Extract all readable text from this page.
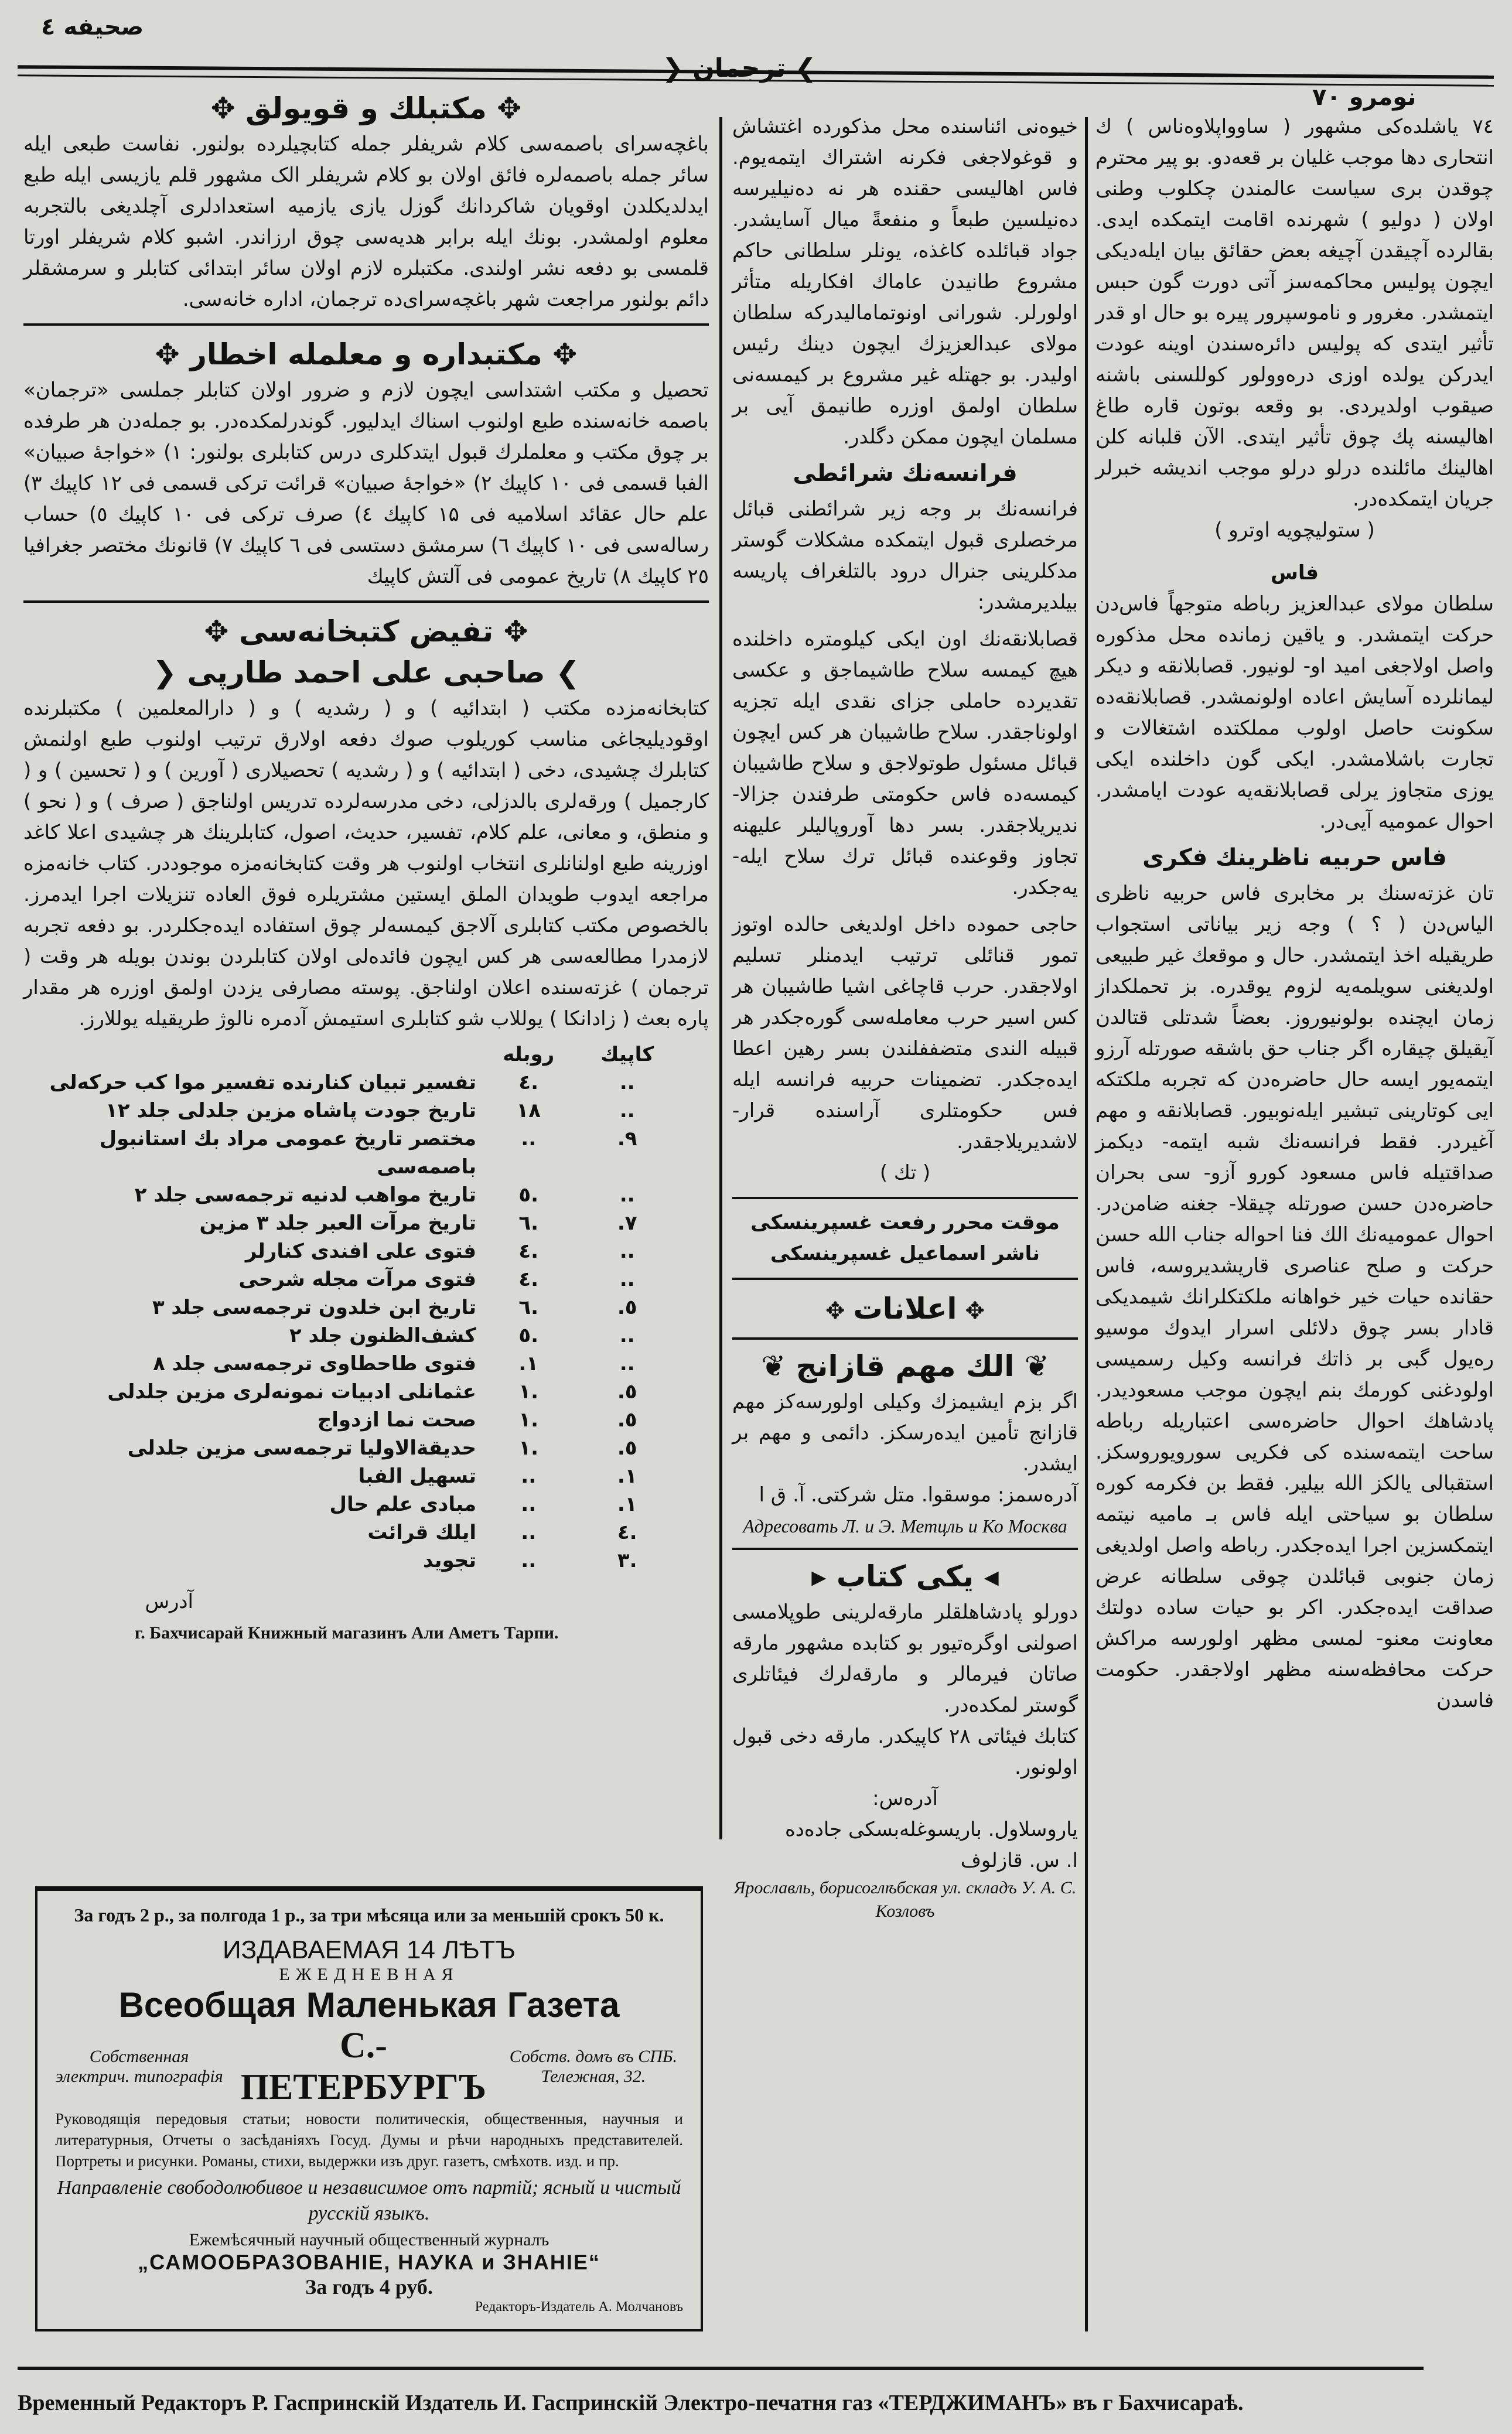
صحیفه ٤
❯ ترجمان ❮
نومرو ٧٠
۷٤ یاشلده‌کی مشهور ( ساوواپلاوه‌ناس ) ك انتحاری دها موجب غلیان بر قعه‌دو. بو پیر محترم چوقدن بری سیاست عالمندن چکلوب وطنی اولان ( دولیو ) شهرنده اقامت ایتمکده ایدی. بقالرده آچیقدن آچیغه بعض حقائق بیان ایله‌دیکی ایچون پولیس محاکمه‌سز آتی دورت گون حبس ایتمشدر. مغرور و ناموسپرور پیره بو حال او قدر تأثیر ایتدی که پولیس دائره‌سندن اوینه عودت ایدرکن یولده اوزی دره‌وولور کوللسنی باشنه صیقوب اولدیردی. بو وقعه بوتون قاره طاغ اهالیسنه پك چوق تأثیر ایتدی. الآن قلبانه کلن اهالینك مائلنده درلو درلو موجب اندیشه خبرلر جریان ایتمکده‌در.
( ستولیچویه اوترو )
فاس
سلطان مولای عبدالعزیز رباطه متوجهاً فاس‌دن حرکت ایتمشدر. و یاقین زمانده محل مذکوره واصل اولاجغی امید او- لونیور. قصابلانقه و دیکر لیمانلرده آسایش اعاده اولونمشدر. قصابلانقه‌ده سکونت حاصل اولوب مملکتده اشتغالات و تجارت باشلامشدر. ایکی گون داخلنده ایکی یوزی متجاوز یرلی قصابلانقه‌یه عودت ایامشدر. احوال عمومیه آیی‌در.
فاس حربیه ناظرینك فکری
تان غزته‌سنك بر مخابری فاس حربیه ناظری الیاس‌دن ( ؟ ) وجه زیر بیاناتی استجواب طریقیله اخذ ایتمشدر. حال و موقعك غیر طبیعی اولدیغنی سویلمه‌یه لزوم یوقدره. بز تحملکداز زمان ایچنده بولونیوروز. بعضاً شدتلی قتالدن آیقیلق چیقاره اگر جناب حق باشقه صورتله آرزو ایتمه‌یور ایسه حال حاضره‌دن که تجربه ملکتکه ایی کوتارینی تبشیر ایله‌نوبیور. قصابلانقه و مهم آغیردر. فقط فرانسه‌نك شبه ایتمه- دیکمز صداقتیله فاس مسعود کورو آزو- سی بحران حاضره‌دن حسن صورتله چیقلا- جغنه ضامن‌در. احوال عمومیه‌نك الك فنا احواله جناب الله حسن حرکت و صلح عناصری قاریشدیروسه، فاس حقانده حیات خیر خواهانه ملکتکلرانك شیمدیکی قادار بسر چوق دلائلی اسرار ایدوك موسیو ره‌یول گبی بر ذاتك فرانسه وکیل رسمیسی اولودغنی کورمك بنم ایچون موجب مسعودیدر. پادشاهك احوال حاضره‌سی اعتباریله رباطه ساحت ایتمه‌سنده کی فکریی سورویوروسکز. استقبالی یالکز الله بیلیر. فقط بن فکرمه کوره سلطان بو سیاحتی ایله فاس بـ مامیه نیتمه ایتمکسزین اجرا ایده‌جکدر. رباطه واصل اولدیغی زمان جنوبی قبائلدن چوقی سلطانه عرض صداقت ایده‌جکدر. اکر بو حیات ساده دولتك معاونت معنو- لمسی مظهر اولورسه مراکش حرکت محافظه‌سنه مظهر اولاجقدر. حکومت فاسدن
خیوه‌نی ائناسنده محل مذکورده اغتشاش و قوغولاجغی فکرنه اشتراك ایتمه‌یوم. فاس اهالیسی حقنده هر نه ده‌نیلیرسه ده‌نیلسین طبعاً و منفعةً میال آسایشدر. جواد قبائلده کاغذه، یونلر سلطانی حاکم مشروع طانیدن عاماك افکاریله متأثر اولورلر. شورانی اونوتمامالیدرکه سلطان مولای عبدالعزیزك ایچون دینك رئیس اولیدر. بو جهتله غیر مشروع بر کیمسه‌نی سلطان اولمق اوزره طانیمق آیی بر مسلمان ایچون ممکن دگلدر.
فرانسه‌نك شرائطی
فرانسه‌نك بر وجه زیر شرائطنی قبائل مرخصلری قبول ایتمکده مشکلات گوستر مدکلرینی جنرال درود بالتلغراف پاریسه بیلدیرمشدر:
قصابلانقه‌نك اون ایکی کیلومتره داخلنده هیچ کیمسه سلاح طاشیماجق و عکسی تقدیرده حاملی جزای نقدی ایله تجزیه اولوناجقدر. سلاح طاشیبان هر کس ایچون قبائل مسئول طوتولاجق و سلاح طاشیبان کیمسه‌ده فاس حکومتی طرفندن جزالا- ندیریلاجقدر. بسر دها آوروپالیلر علیهنه تجاوز وقوعنده قبائل ترك سلاح ایله- یه‌جکدر.
حاجی حموده داخل اولدیغی حالده اوتوز تمور قنائلی ترتیب ایدمنلر تسلیم اولاجقدر. حرب قاچاغی اشیا طاشیبان هر کس اسیر حرب معامله‌سی گوره‌جکدر هر قبیله الندی متضففلندن بسر رهین اعطا ایده‌جکدر. تضمینات حربیه فرانسه ایله فس حکومتلری آراسنده قرار- لاشدیریلاجقدر.
( تك )
موقت محرر رفعت غسپرینسکی
ناشر اسماعیل غسپرینسکی
✥ اعلانات ✥
❦ الك مهم قازانج ❦
اگر بزم ایشیمزك وکیلی اولورسه‌کز مهم قازانج تأمین ایده‌رسکز. دائمی و مهم بر ایشدر.
آدره‌سمز: موسقوا. متل شرکتی. آ. ق ا
Адресовать Л. и Э. Метцль и Ко Москва
◂ یکی کتاب ▸
دورلو پادشاهلقلر مارقه‌لرینی طوپلامسی اصولنی اوگره‌تیور بو کتابده مشهور مارقه صاتان فیرمالر و مارقه‌لرك فیئاتلری گوستر لمکده‌در.
کتابك فیئاتی ۲۸ کاپیکدر. مارقه دخی قبول اولونور.
آدره‌س:
یاروسلاول. باریسوغله‌بسکی جاده‌ده
ا. س. قازلوف
Ярославль, борисоглѣбская ул. складъ У. А. С. Козловъ
✥ مکتبلك و قویولق ✥
باغچه‌سرای باصمه‌سی کلام شریفلر جمله کتابچیلرده بولنور. نفاست طبعی ایله سائر جمله باصمه‌لره فائق اولان بو کلام شریفلر الک مشهور قلم یازیسی ایله طبع ایدلدیکلدن اوقویان شاکردانك گوزل یازی یازمیه استعدادلری آچلدیغی بالتجربه معلوم اولمشدر. بونك ایله برابر هدیه‌سی چوق ارزاندر. اشبو کلام شریفلر اورتا قلمسی بو دفعه نشر اولندی. مکتبلره لازم اولان سائر ابتدائی کتابلر و سرمشقلر دائم بولنور مراجعت شهر باغچه‌سرای‌ده ترجمان، اداره خانه‌سی.
✥ مکتبداره و معلمله اخطار ✥
تحصیل و مکتب اشتداسی ایچون لازم و ضرور اولان کتابلر جملسی «ترجمان» باصمه خانه‌سنده طبع اولنوب اسناك ایدلیور. گوندرلمکده‌در. بو جمله‌دن هر طرفده بر چوق مکتب و معلملرك قبول ایتدکلری درس کتابلری بولنور: ۱) «خواجۀ صبیان» الفبا قسمی فی ۱۰ کاپیك ۲) «خواجۀ صبیان» قرائت ترکی قسمی فی ۱۲ کاپیك ۳) علم حال عقائد اسلامیه فی ۱۵ کاپیك ٤) صرف ترکی فی ۱۰ کاپیك ٥) حساب رساله‌سی فی ۱۰ کاپیك ٦) سرمشق دستسی فی ٦ کاپیك ۷) قانونك مختصر جغرافیا ۲٥ کاپیك ۸) تاریخ عمومی فی آلتش کاپیك
✥ تفیض کتبخانه‌سی ✥
❯ صاحبی علی احمد طارپی ❮
کتابخانه‌مزده مکتب ( ابتدائیه ) و ( رشدیه ) و ( دارالمعلمین ) مکتبلرنده اوقودیلیجاغی مناسب کوریلوب صوك دفعه اولارق ترتیب اولنوب طبع اولنمش کتابلرك چشیدی، دخی ( ابتدائیه ) و ( رشدیه ) تحصیلاری ( آورین ) و ( تحسین ) و ( کارجمیل ) ورقه‌لری بالدزلی، دخی مدرسه‌لرده تدریس اولناجق ( صرف ) و ( نحو ) و منطق، و معانی، علم کلام، تفسیر، حدیث، اصول، کتابلرینك هر چشیدی اعلا کاغد اوزرینه طبع اولنانلری انتخاب اولنوب هر وقت کتابخانه‌مزه موجوددر. کتاب خانه‌مزه مراجعه ایدوب طویدان الملق ایستین مشتریلره فوق العاده تنزیلات اجرا ایدمرز. بالخصوص مکتب کتابلری آلاجق کیمسه‌لر چوق استفاده ایده‌جکلردر. بو دفعه تجربه لازمدرا مطالعه‌سی هر کس ایچون فائده‌لی اولان کتابلردن بوندن بویله هر وقت ( ترجمان ) غزته‌سنده اعلان اولناجق. پوسته مصارفی یزدن اولمق اوزره هر مقدار پاره بعث ( زادانکا ) یوللاب شو کتابلری استیمش آدمره نالوژ طریقیله یوللارز.
کاپیك
روبله
..
.٤
تفسیر تبیان کنارنده تفسیر موا کب حرکه‌لی
..
۱۸
تاریخ جودت پاشاه مزین جلدلی جلد ۱۲
٩.
..
مختصر تاریخ عمومی مراد بك استانبول باصمه‌سی
..
.٥
تاریخ مواهب لدنیه ترجمه‌سی جلد ۲
۷.
.٦
تاریخ مرآت العبر جلد ۳ مزین
..
.٤
فتوی علی افندی کنارلر
..
.٤
فتوی مرآت مجله شرحی
٥.
.٦
تاریخ ابن خلدون ترجمه‌سی جلد ۳
..
.٥
کشف‌الظنون جلد ۲
..
۱.
فتوی طاحطاوی ترجمه‌سی جلد ۸
٥.
.۱
عثمانلی ادبیات نمونه‌لری مزین جلدلی
٥.
.۱
صحت نما ازدواج
٥.
.۱
حدیقة‌الاولیا ترجمه‌سی مزین جلدلی
۱.
..
تسهیل الفبا
۱.
..
مبادی علم حال
.٤
..
ایلك قرائت
.۳
..
تجوید
آدرس
г. Бахчисарай Книжный магазинъ Али Аметъ Тарпи.
За годъ 2 р., за полгода 1 р., за три мѣсяца или за меньшій срокъ 50 к.
ИЗДАВАЕМАЯ 14 ЛѢТЪ
ЕЖЕДНЕВНАЯ
Всеобщая Маленькая Газета
Собственная электрич. типографія
С.-ПЕТЕРБУРГЪ
Собств. домъ въ СПБ. Тележная, 32.
Руководящія передовыя статьи; новости политическія, общественныя, научныя и литературныя, Отчеты о засѣданіяхъ Госуд. Думы и рѣчи народныхъ представителей. Портреты и рисунки. Романы, стихи, выдержки изъ друг. газетъ, смѣхотв. изд. и пр.
Направленіе свободолюбивое и независимое отъ партій; ясный и чистый русскій языкъ.
Ежемѣсячный научный общественный журналъ
„САМООБРАЗОВАНІЕ, НАУКА и ЗНАНІЕ“
За годъ 4 руб.
Редакторъ-Издатель А. Молчановъ
Временный Редакторъ Р. Гаспринскій Издатель И. Гаспринскій Электро-печатня газ «ТЕРДЖИМАНЪ» въ г Бахчисараѣ.
